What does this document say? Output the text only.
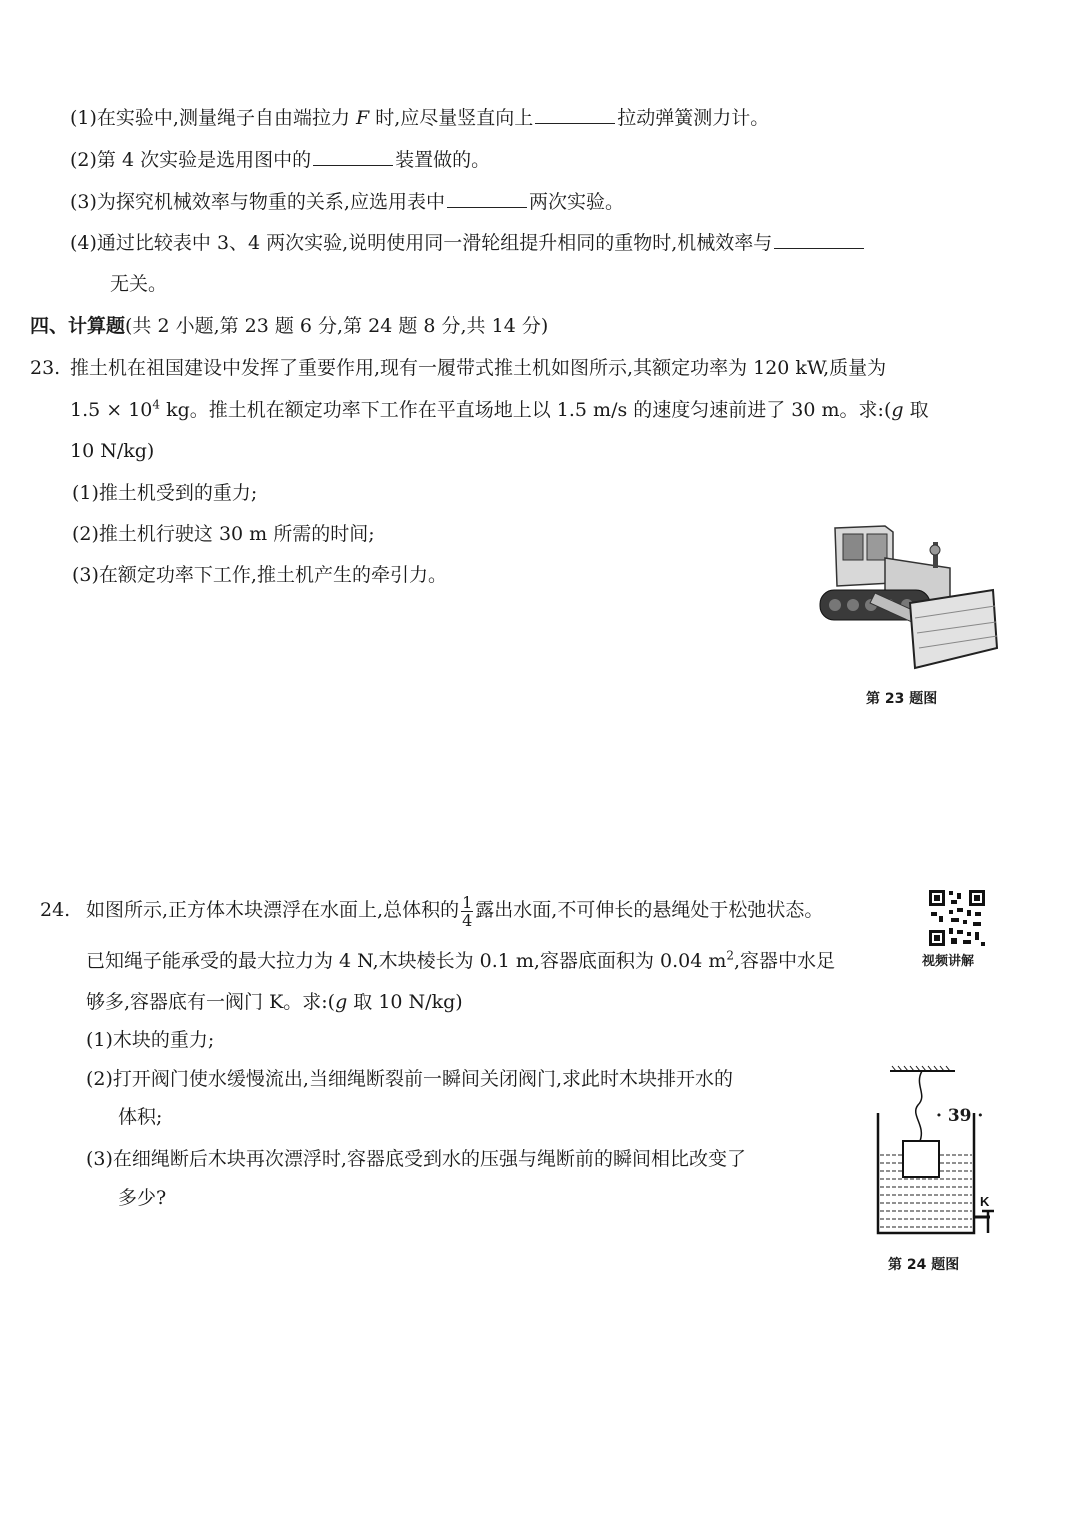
(1)在实验中,测量绳子自由端拉力 F 时,应尽量竖直向上	拉动弹簧测力计。
(2)第 4 次实验是选用图中的	装置做的。
(3)为探究机械效率与物重的关系,应选用表中	两次实验。
(4)通过比较表中 3、4 两次实验,说明使用同一滑轮组提升相同的重物时,机械效率与
无关。
四、计算题(共 2 小题,第 23 题 6 分,第 24 题 8 分,共 14 分)
23. 推土机在祖国建设中发挥了重要作用,现有一履带式推土机如图所示,其额定功率为 120 kW,质量为
$1.5 \times 10^4$ kg。推土机在额定功率下工作在平直场地上以 1.5 m/s 的速度匀速前进了 30 m。求:(g 取
10 N/kg)
(1)推土机受到的重力;
(2)推土机行驶这 30 m 所需的时间;
(3)在额定功率下工作,推土机产生的牵引力。
第 23 题图
24. 如图所示,正方体木块漂浮在水面上,总体积的 $\frac{1}{4}$ 露出水面,不可伸长的悬绳处于松弛状态。
视频讲解
已知绳子能承受的最大拉力为 4 N,木块棱长为 0.1 m,容器底面积为 0.04 $m^2$,容器中水足
够多,容器底有一阀门 K。求:(g 取 10 N/kg)
(1)木块的重力;
(2)打开阀门使水缓慢流出,当细绳断裂前一瞬间关闭阀门,求此时木块排开水的
体积;
(3)在细绳断后木块再次漂浮时,容器底受到水的压强与绳断前的瞬间相比改变了
多少?	K
第 24 题图
· 39 ·
